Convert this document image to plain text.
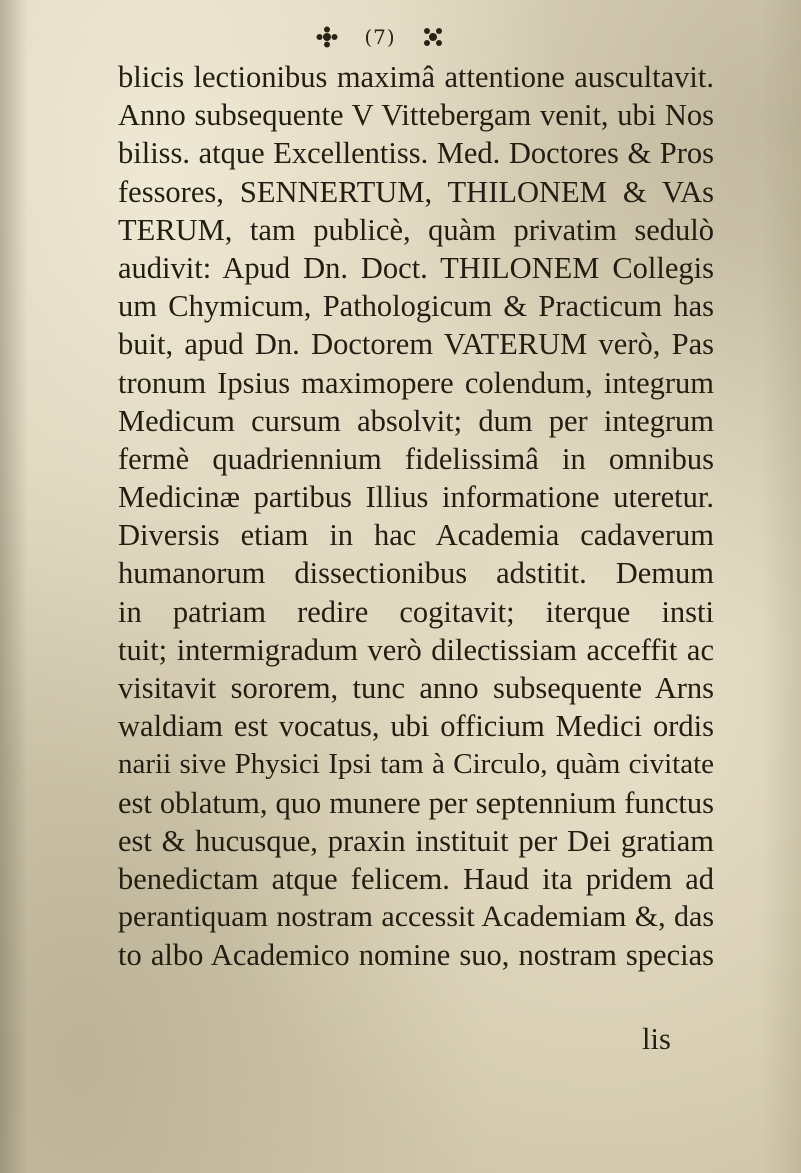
(7)
blicis lectionibus maximâ attentione auscultavit.
Anno subsequente V Vittebergam venit, ubi Nos
biliss. atque Excellentiss. Med. Doctores & Pros
fessores, SENNERTUM, THILONEM & VAs
TERUM, tam publicè, quàm privatim sedulò
audivit: Apud Dn. Doct. THILONEM Collegis
um Chymicum, Pathologicum & Practicum has
buit, apud Dn. Doctorem VATERUM verò, Pas
tronum Ipsius maximopere colendum, integrum
Medicum cursum absolvit; dum per integrum
fermè quadriennium fidelissimâ in omnibus
Medicinæ partibus Illius informatione uteretur.
Diversis etiam in hac Academia cadaverum
humanorum dissectionibus adstitit. Demum
in patriam redire cogitavit; iterque insti
tuit; intermigradum verò dilectissiam acceffit ac
visitavit sororem, tunc anno subsequente Arns
waldiam est vocatus, ubi officium Medici ordis
narii sive Physici Ipsi tam à Circulo, quàm civitate
est oblatum, quo munere per septennium functus
est & hucusque, praxin instituit per Dei gratiam
benedictam atque felicem. Haud ita pridem ad
perantiquam nostram accessit Academiam &, das
to albo Academico nomine suo, nostram specias
lis
